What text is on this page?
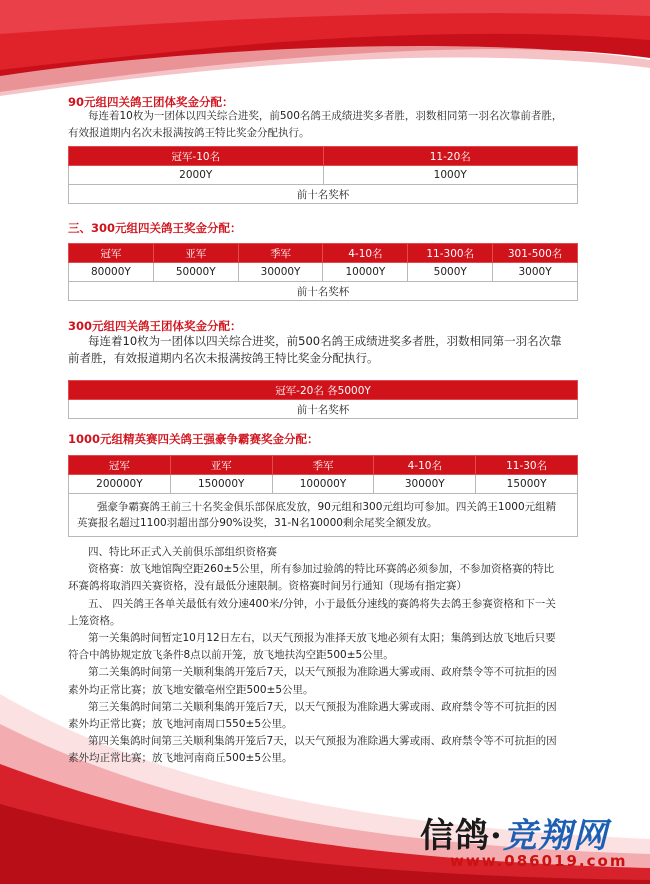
90元组四关鸽王团体奖金分配：
每连着10枚为一团体以四关综合进奖，前500名鸽王成绩进奖多者胜，羽数相同第一羽名次靠前者胜，
有效报道期内名次未报满按鸽王特比奖金分配执行。
冠军-10名	11-20名
2000Y	1000Y
前十名奖杯	
三、300元组四关鸽王奖金分配：
冠军	亚军	季军	4-10名	11-300名	301-500名
80000Y	50000Y	30000Y	10000Y	5000Y	3000Y
前十名奖杯					
300元组四关鸽王团体奖金分配：
每连着10枚为一团体以四关综合进奖，前500名鸽王成绩进奖多者胜，羽数相同第一羽名次靠
前者胜，有效报道期内名次未报满按鸽王特比奖金分配执行。
冠军-20名 各5000Y
前十名奖杯
1000元组精英赛四关鸽王强豪争霸赛奖金分配：
冠军	亚军	季军	4-10名	11-30名
200000Y	150000Y	100000Y	30000Y	15000Y

强豪争霸赛鸽王前三十名奖金俱乐部保底发放，90元组和300元组均可参加。四关鸽王1000元组精
英赛报名超过1100羽超出部分90%设奖，31-N名10000剩余尾奖全额发放。				
四、特比环正式入关前俱乐部组织资格赛
资格赛：放飞地馆陶空距260±5公里，所有参加过验鸽的特比环赛鸽必须参加，不参加资格赛的特比
环赛鸽将取消四关赛资格，没有最低分速限制。资格赛时间另行通知（现场有指定赛）
五、 四关鸽王各单关最低有效分速400米/分钟，小于最低分速线的赛鸽将失去鸽王参赛资格和下一关
上笼资格。
第一关集鸽时间暂定10月12日左右，以天气预报为准择天放飞地必须有太阳；集鸽到达放飞地后只要
符合中鸽协规定放飞条件8点以前开笼，放飞地扶沟空距500±5公里。
第二关集鸽时间第一关顺利集鸽开笼后7天，以天气预报为准除遇大雾或雨、政府禁令等不可抗拒的因
素外均正常比赛；放飞地安徽亳州空距500±5公里。
第三关集鸽时间第二关顺利集鸽开笼后7天，以天气预报为准除遇大雾或雨、政府禁令等不可抗拒的因
素外均正常比赛；放飞地河南周口550±5公里。
第四关集鸽时间第三关顺利集鸽开笼后7天，以天气预报为准除遇大雾或雨、政府禁令等不可抗拒的因
素外均正常比赛；放飞地河南商丘500±5公里。
信鸽·竞翔网
www.086019.com
